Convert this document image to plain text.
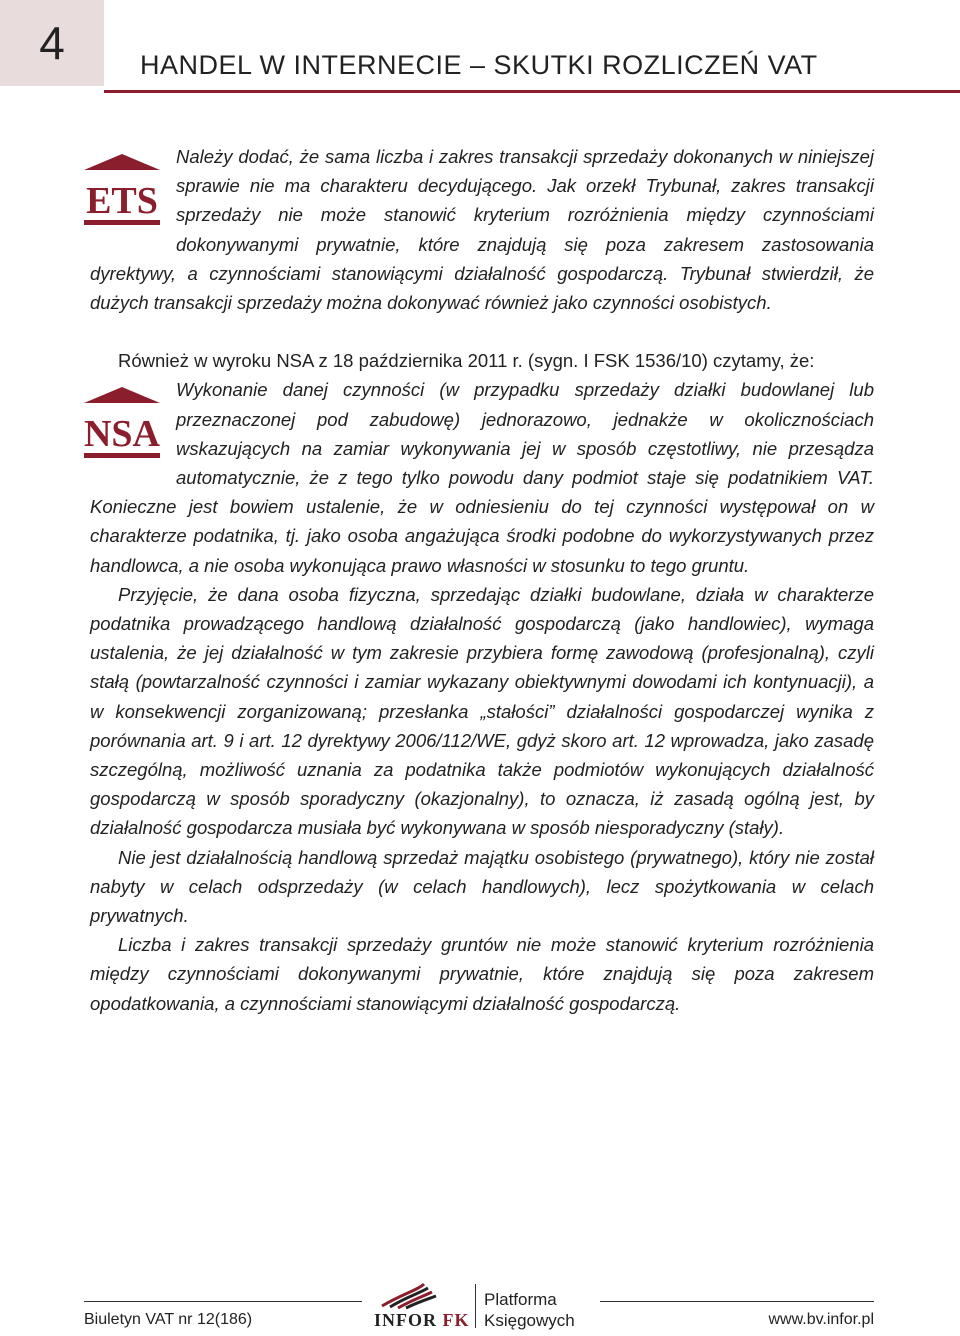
4	HANDEL W INTERNECIE – SKUTKI ROZLICZEŃ VAT
ETS

Należy dodać, że sama liczba i zakres transakcji sprzedaży dokonanych w niniejszej sprawie nie ma charakteru decydującego. Jak orzekł Trybunał, zakres transakcji sprzedaży nie może stanowić kryterium rozróżnienia między czynnościami dokonywanymi prywatnie, które znajdują się poza zakresem zastosowania dyrektywy, a czynnościami stanowiącymi działalność gospodarczą. Trybunał stwierdził, że dużych transakcji sprzedaży można dokonywać również jako czynności osobistych.

Również w wyroku NSA z 18 października 2011 r. (sygn. I FSK 1536/10) czytamy, że:

NSA

Wykonanie danej czynności (w przypadku sprzedaży działki budowlanej lub przeznaczonej pod zabudowę) jednorazowo, jednakże w okolicznościach wskazujących na zamiar wykonywania jej w sposób częstotliwy, nie przesądza automatycznie, że z tego tylko powodu dany podmiot staje się podatnikiem VAT. Konieczne jest bowiem ustalenie, że w odniesieniu do tej czynności występował on w charakterze podatnika, tj. jako osoba angażująca środki podobne do wykorzystywanych przez handlowca, a nie osoba wykonująca prawo własności w stosunku to tego gruntu.

Przyjęcie, że dana osoba fizyczna, sprzedając działki budowlane, działa w charakterze podatnika prowadzącego handlową działalność gospodarczą (jako handlowiec), wymaga ustalenia, że jej działalność w tym zakresie przybiera formę zawodową (profesjonalną), czyli stałą (powtarzalność czynności i zamiar wykazany obiektywnymi dowodami ich kontynuacji), a w konsekwencji zorganizowaną; przesłanka „stałości” działalności gospodarczej wynika z porównania art. 9 i art. 12 dyrektywy 2006/112/WE, gdyż skoro art. 12 wprowadza, jako zasadę szczególną, możliwość uznania za podatnika także podmiotów wykonujących działalność gospodarczą w sposób sporadyczny (okazjonalny), to oznacza, iż zasadą ogólną jest, by działalność gospodarcza musiała być wykonywana w sposób niesporadyczny (stały).

Nie jest działalnością handlową sprzedaż majątku osobistego (prywatnego), który nie został nabyty w celach odsprzedaży (w celach handlowych), lecz spożytkowania w celach prywatnych.

Liczba i zakres transakcji sprzedaży gruntów nie może stanowić kryterium rozróżnienia między czynnościami dokonywanymi prywatnie, które znajdują się poza zakresem opodatkowania, a czynnościami stanowiącymi działalność gospodarczą.

Biuletyn VAT nr 12(186)	INFOR FK
Platforma
Księgowych	www.bv.infor.pl
